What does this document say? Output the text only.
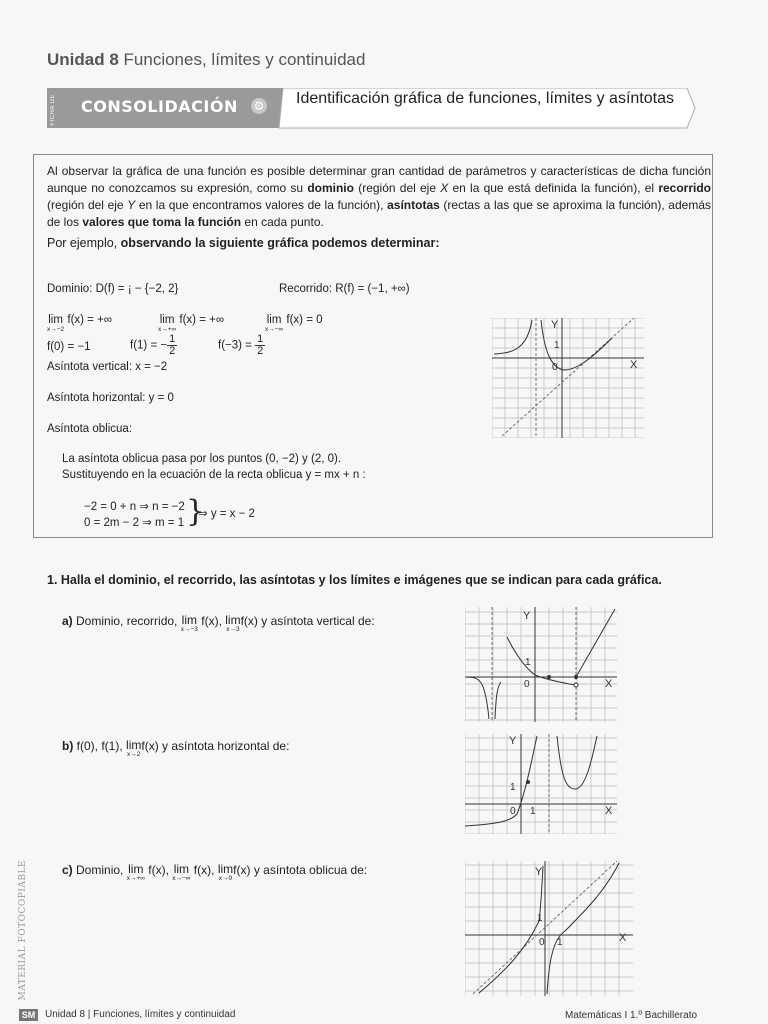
Unidad 8 Funciones, límites y continuidad
FICHA DE CONSOLIDACIÓN ⚙ Identificación gráfica de funciones, límites y asíntotas
Al observar la gráfica de una función es posible determinar gran cantidad de parámetros y características de dicha función aunque no conozcamos su expresión, como su dominio (región del eje X en la que está definida la función), el recorrido (región del eje Y en la que encontramos valores de la función), asíntotas (rectas a las que se aproxima la función), además de los valores que toma la función en cada punto.
Por ejemplo, observando la siguiente gráfica podemos determinar:
Dominio: D(f) = ¡ − {−2, 2}	Recorrido: R(f) = (−1, +∞)
lim
x→−2
f(x) = +∞	lim
x→+∞
f(x) = +∞	lim
x→−∞
f(x) = 0
f(0) = −1	f(1) = − $\frac{1}{2}$	$f(-3) = \frac{1}{2}$
Asíntota vertical: x = −2
Asíntota horizontal: y = 0
Asíntota oblicua:
La asíntota oblicua pasa por los puntos (0, −2) y (2, 0).
Sustituyendo en la ecuación de la recta oblicua y = mx + n :
−2 = 0 + n ⇒ n = −2
0 = 2m − 2 ⇒ m = 1 }
⇒ y = x − 2
Y
1
0	X
1. Halla el dominio, el recorrido, las asíntotas y los límites e imágenes que se indican para cada gráfica.
a) Dominio, recorrido, lim
x→−3
f(x), lim
x→3
f(x) y asíntota vertical de:
b) f(0), f(1), lim
x→2
f(x) y asíntota horizontal de:
c) Dominio, lim
x→+∞
f(x), lim
x→−∞
f(x), lim
x→0
f(x) y asíntota oblicua de:
Y
1
0	X
Y
1
0 1	X
Y
1
0 1	X
MATERIAL FOTOCOPIABLE
SM Unidad 8 | Funciones, límites y continuidad	Matemáticas I 1.º Bachillerato
